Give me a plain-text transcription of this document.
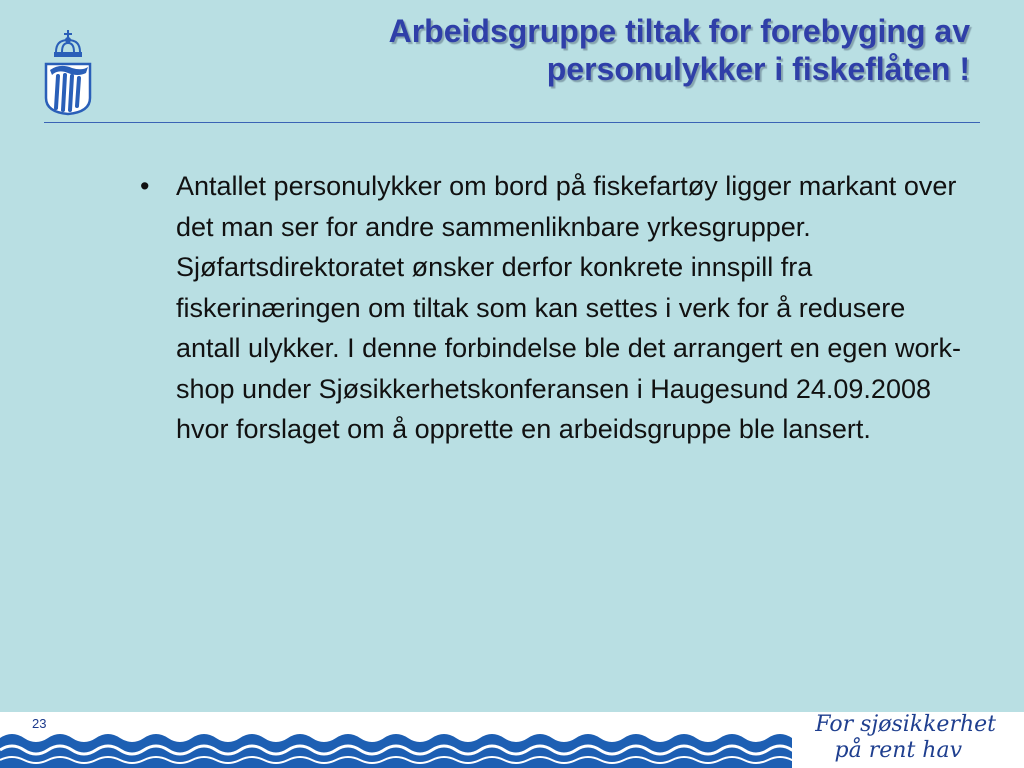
Arbeidsgruppe tiltak for forebyging av
personulykker i fiskeflåten !
• Antallet personulykker om bord på fiskefartøy ligger markant over det man ser for andre sammenliknbare yrkesgrupper. Sjøfartsdirektoratet ønsker derfor konkrete innspill fra fiskerinæringen om tiltak som kan settes i verk for å redusere antall ulykker. I denne forbindelse ble det arrangert en egen work-shop under Sjøsikkerhetskonferansen i Haugesund 24.09.2008 hvor forslaget om å opprette en arbeidsgruppe ble lansert.
23	For sjøsikkerhet
på rent hav
